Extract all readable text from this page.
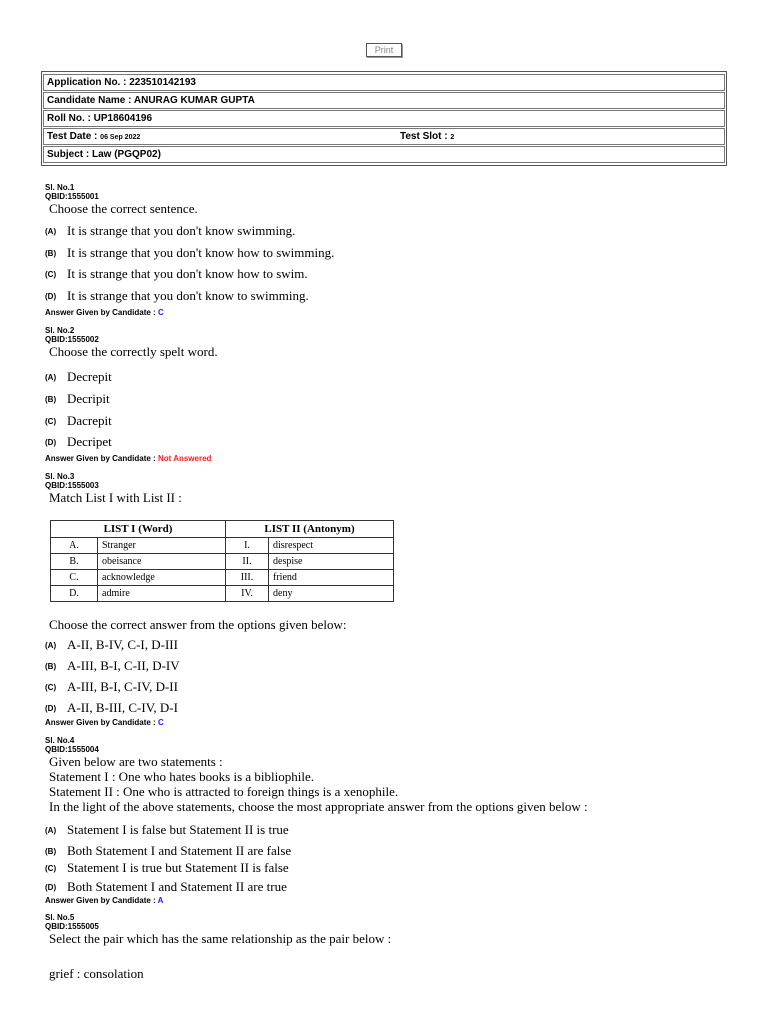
Print
Application No. : 223510142193
Candidate Name : ANURAG KUMAR GUPTA
Roll No. : UP18604196
Test Date : 06 Sep 2022	Test Slot : 2
Subject : Law (PGQP02)
Sl. No.1
QBID:1555001
Choose the correct sentence.
(A) It is strange that you don't know swimming.
(B) It is strange that you don't know how to swimming.
(C) It is strange that you don't know how to swim.
(D) It is strange that you don't know to swimming.
Answer Given by Candidate : C
Sl. No.2
QBID:1555002
Choose the correctly spelt word.
(A) Decrepit
(B) Decripit
(C) Dacrepit
(D) Decripet
Answer Given by Candidate : Not Answered
Sl. No.3
QBID:1555003
Match List I with List II :
LIST I (Word)		LIST II (Antonym)	
A.	Stranger	I.	disrespect
B.	obeisance	II.	despise
C.	acknowledge	III.	friend
D.	admire	IV.	deny
Choose the correct answer from the options given below:
(A) A-II, B-IV, C-I, D-III
(B) A-III, B-I, C-II, D-IV
(C) A-III, B-I, C-IV, D-II
(D) A-II, B-III, C-IV, D-I
Answer Given by Candidate : C
Sl. No.4
QBID:1555004
Given below are two statements :
Statement I : One who hates books is a bibliophile.
Statement II : One who is attracted to foreign things is a xenophile.
In the light of the above statements, choose the most appropriate answer from the options given below :
(A) Statement I is false but Statement II is true
(B) Both Statement I and Statement II are false
(C) Statement I is true but Statement II is false
(D) Both Statement I and Statement II are true
Answer Given by Candidate : A
Sl. No.5
QBID:1555005
Select the pair which has the same relationship as the pair below :
grief : consolation
